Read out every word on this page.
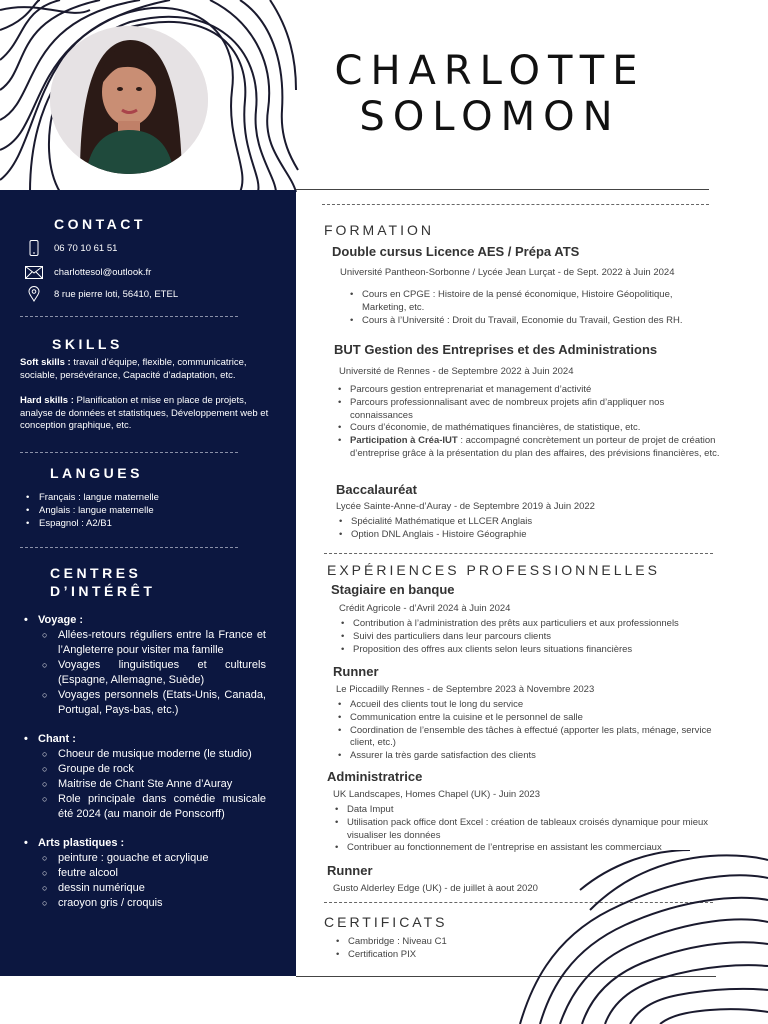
CHARLOTTE
SOLOMON
CONTACT
06 70 10 61 51
charlottesol@outlook.fr
8 rue pierre loti, 56410, ETEL
SKILLS
Soft skills : travail d’équipe, flexible, communicatrice, sociable, persévérance, Capacité d’adaptation, etc.
Hard skills : Planification et mise en place de projets, analyse de données et statistiques, Développement web et conception graphique, etc.
LANGUES
• Français : langue maternelle
• Anglais : langue maternelle
• Espagnol : A2/B1
CENTRES
D’INTÉRÊT
• Voyage :
○ Allées-retours réguliers entre la France et l’Angleterre pour visiter ma famille
○ Voyages linguistiques et culturels (Espagne, Allemagne, Suède)
○ Voyages personnels (Etats-Unis, Canada, Portugal, Pays-bas, etc.)
• Chant :
○ Choeur de musique moderne (le studio)
○ Groupe de rock
○ Maitrise de Chant Ste Anne d’Auray
○ Role principale dans comédie musicale été 2024 (au manoir de Ponscorff)
• Arts plastiques :
○ peinture : gouache et acrylique
○ feutre alcool
○ dessin numérique
○ craoyon gris / croquis
FORMATION
Double cursus Licence AES / Prépa ATS
Université Pantheon-Sorbonne / Lycée Jean Lurçat - de Sept. 2022 à Juin 2024
• Cours en CPGE : Histoire de la pensé économique, Histoire Géopolitique, Marketing, etc.
• Cours à l’Université : Droit du Travail, Economie du Travail, Gestion des RH.
BUT Gestion des Entreprises et des Administrations
Université de Rennes - de Septembre 2022 à Juin 2024
• Parcours gestion entreprenariat et management d’activité
• Parcours professionnalisant avec de nombreux projets afin d’appliquer nos connaissances
• Cours d’économie, de mathématiques financières, de statistique, etc.
• Participation à Créa-IUT : accompagné concrètement un porteur de projet de création d’entreprise grâce à la présentation du plan des affaires, des prévisions financières, etc.
Baccalauréat
Lycée Sainte-Anne-d’Auray - de Septembre 2019 à Juin 2022
• Spécialité Mathématique et LLCER Anglais
• Option DNL Anglais - Histoire Géographie
EXPÉRIENCES PROFESSIONNELLES
Stagiaire en banque
Crédit Agricole - d’Avril 2024 à Juin 2024
• Contribution à l’administration des prêts aux particuliers et aux professionnels
• Suivi des particuliers dans leur parcours clients
• Proposition des offres aux clients selon leurs situations financières
Runner
Le Piccadilly Rennes - de Septembre 2023 à Novembre 2023
• Accueil des clients tout le long du service
• Communication entre la cuisine et le personnel de salle
• Coordination de l’ensemble des tâches à effectué (apporter les plats, ménage, service client, etc.)
• Assurer la très garde satisfaction des clients
Administratrice
UK Landscapes, Homes Chapel (UK) - Juin 2023
• Data Imput
• Utilisation pack office dont Excel : création de tableaux croisés dynamique pour mieux visualiser les données
• Contribuer au fonctionnement de l’entreprise en assistant les commerciaux
Runner
Gusto Alderley Edge (UK) - de juillet à aout 2020
CERTIFICATS
• Cambridge : Niveau C1
• Certification PIX
